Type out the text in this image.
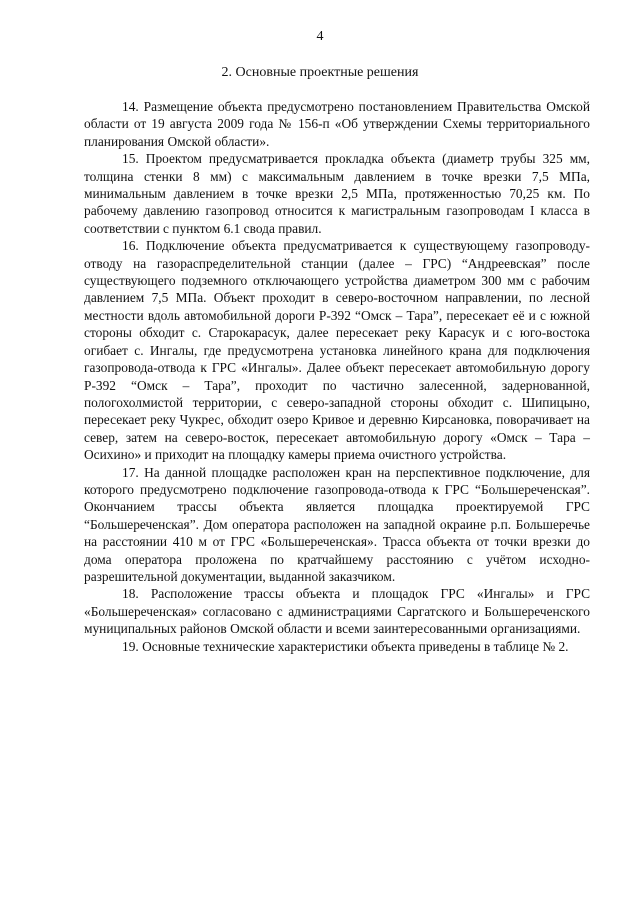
4
2. Основные проектные решения

14. Размещение объекта предусмотрено постановлением Правительства Омской области от 19 августа 2009 года № 156-п «Об утверждении Схемы территориального планирования Омской области».

15. Проектом предусматривается прокладка объекта (диаметр трубы 325 мм, толщина стенки 8 мм) с максимальным давлением в точке врезки 7,5 МПа, минимальным давлением в точке врезки 2,5 МПа, протяженностью 70,25 км. По рабочему давлению газопровод относится к магистральным газопроводам I класса в соответствии с пунктом 6.1 свода правил.

16. Подключение объекта предусматривается к существующему газопроводу-отводу на газораспределительной станции (далее – ГРС) “Андреевская” после существующего подземного отключающего устройства диаметром 300 мм с рабочим давлением 7,5 МПа. Объект проходит в северо-восточном направлении, по лесной местности вдоль автомобильной дороги Р-392 “Омск – Тара”, пересекает её и с южной стороны обходит с. Старокарасук, далее пересекает реку Карасук и с юго-востока огибает с. Ингалы, где предусмотрена установка линейного крана для подключения газопровода-отвода к ГРС «Ингалы». Далее объект пересекает автомобильную дорогу Р-392 “Омск – Тара”, проходит по частично залесенной, задернованной, пологохолмистой территории, с северо-западной стороны обходит с. Шипицыно, пересекает реку Чукрес, обходит озеро Кривое и деревню Кирсановка, поворачивает на север, затем на северо-восток, пересекает автомобильную дорогу «Омск – Тара – Осихино» и приходит на площадку камеры приема очистного устройства.

17. На данной площадке расположен кран на перспективное подключение, для которого предусмотрено подключение газопровода-отвода к ГРС “Большереченская”. Окончанием трассы объекта является площадка проектируемой ГРС “Большереченская”. Дом оператора расположен на западной окраине р.п. Большеречье на расстоянии 410 м от ГРС «Большереченская». Трасса объекта от точки врезки до дома оператора проложена по кратчайшему расстоянию с учётом исходно-разрешительной документации, выданной заказчиком.

18. Расположение трассы объекта и площадок ГРС «Ингалы» и ГРС «Большереченская» согласовано с администрациями Саргатского и Большереченского муниципальных районов Омской области и всеми заинтересованными организациями.

19. Основные технические характеристики объекта приведены в таблице № 2.
